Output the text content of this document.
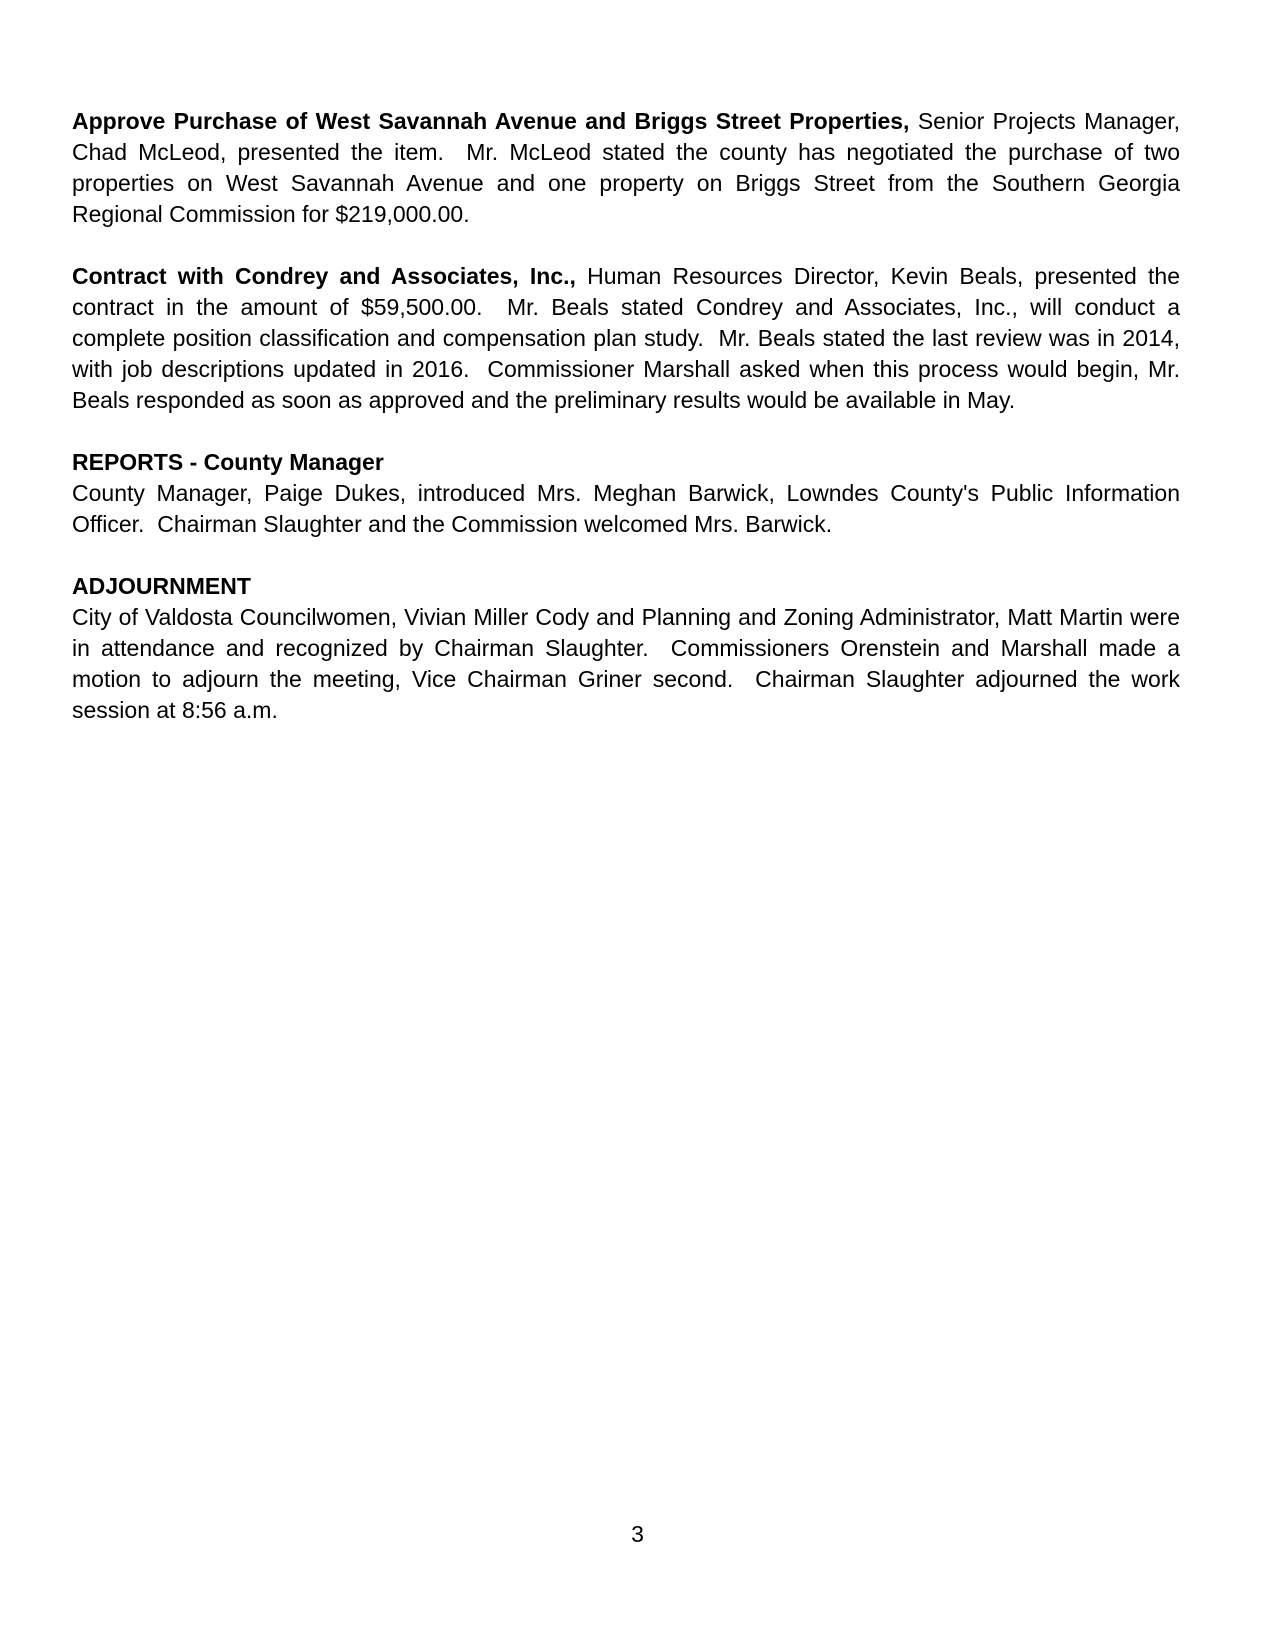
Approve Purchase of West Savannah Avenue and Briggs Street Properties, Senior Projects Manager, Chad McLeod, presented the item.  Mr. McLeod stated the county has negotiated the purchase of two properties on West Savannah Avenue and one property on Briggs Street from the Southern Georgia Regional Commission for $219,000.00.

Contract with Condrey and Associates, Inc., Human Resources Director, Kevin Beals, presented the contract in the amount of $59,500.00.  Mr. Beals stated Condrey and Associates, Inc., will conduct a complete position classification and compensation plan study.  Mr. Beals stated the last review was in 2014, with job descriptions updated in 2016.  Commissioner Marshall asked when this process would begin, Mr. Beals responded as soon as approved and the preliminary results would be available in May.

REPORTS - County Manager

County Manager, Paige Dukes, introduced Mrs. Meghan Barwick, Lowndes County's Public Information Officer.  Chairman Slaughter and the Commission welcomed Mrs. Barwick.

ADJOURNMENT

City of Valdosta Councilwomen, Vivian Miller Cody and Planning and Zoning Administrator, Matt Martin were in attendance and recognized by Chairman Slaughter.  Commissioners Orenstein and Marshall made a motion to adjourn the meeting, Vice Chairman Griner second.  Chairman Slaughter adjourned the work session at 8:56 a.m.

3
